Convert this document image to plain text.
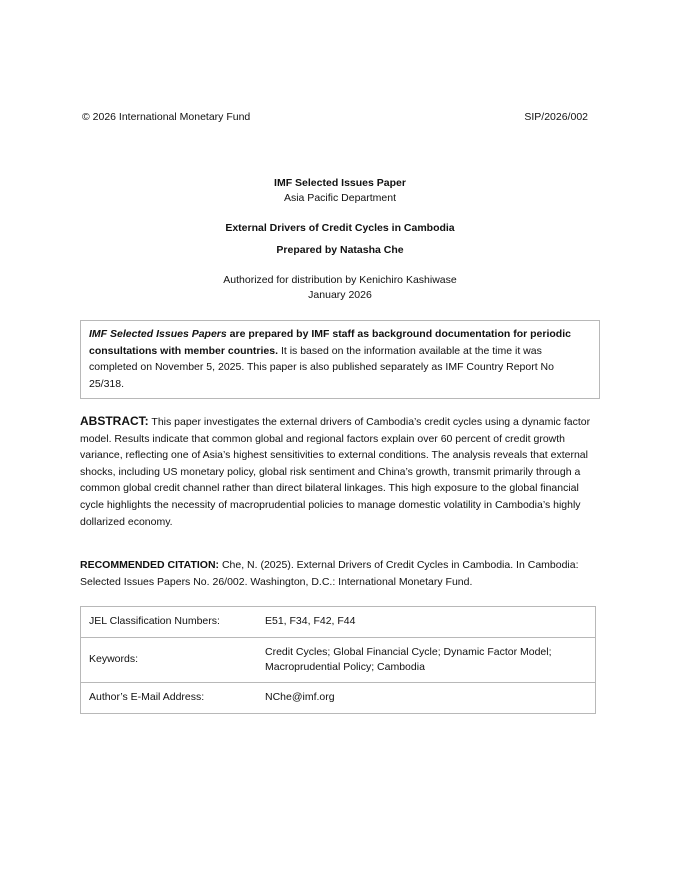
© 2026 International Monetary Fund	SIP/2026/002
IMF Selected Issues Paper
Asia Pacific Department
External Drivers of Credit Cycles in Cambodia
Prepared by Natasha Che
Authorized for distribution by Kenichiro Kashiwase
January 2026
IMF Selected Issues Papers are prepared by IMF staff as background documentation for periodic consultations with member countries. It is based on the information available at the time it was completed on November 5, 2025. This paper is also published separately as IMF Country Report No 25/318.
ABSTRACT: This paper investigates the external drivers of Cambodia’s credit cycles using a dynamic factor model. Results indicate that common global and regional factors explain over 60 percent of credit growth variance, reflecting one of Asia’s highest sensitivities to external conditions. The analysis reveals that external shocks, including US monetary policy, global risk sentiment and China’s growth, transmit primarily through a common global credit channel rather than direct bilateral linkages. This high exposure to the global financial cycle highlights the necessity of macroprudential policies to manage domestic volatility in Cambodia’s highly dollarized economy.
RECOMMENDED CITATION: Che, N. (2025). External Drivers of Credit Cycles in Cambodia. In Cambodia: Selected Issues Papers No. 26/002. Washington, D.C.: International Monetary Fund.
JEL Classification Numbers:	E51, F34, F42, F44
Keywords:	Credit Cycles; Global Financial Cycle; Dynamic Factor Model; Macroprudential Policy; Cambodia
Author’s E-Mail Address:	NChe@imf.org
